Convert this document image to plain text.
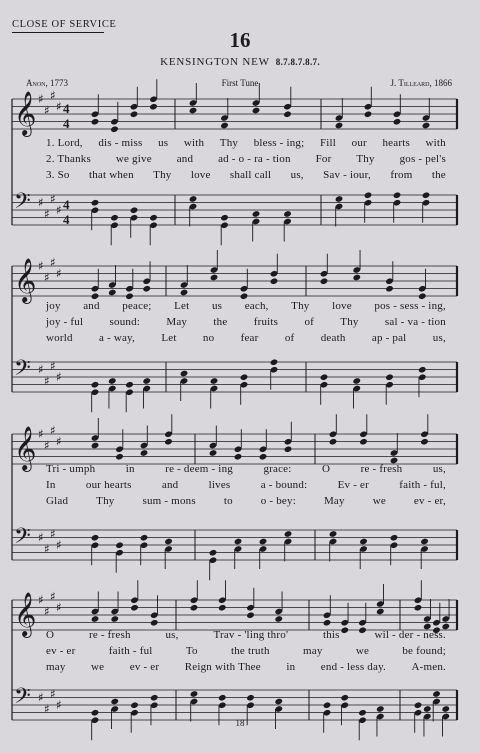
CLOSE OF SERVICE
16
KENSINGTON NEW 8.7.8.7.8.7.
Anon, 1773	First Tune	J. Tilleard, 1866
𝄞 ♯
♯
♯
♯ 4
4
𝄢 ♯
♯
♯
♯ 4
4
𝄞 ♯
♯
♯
♯
𝄢 ♯
♯
♯
♯
𝄞 ♯
♯
♯
♯
𝄢 ♯
♯
♯
♯
𝄞 ♯
♯
♯
♯
𝄢 ♯
♯
♯
♯
1. Lord, dis - miss us with Thy bless - ing; Fill our hearts with
2. Thanks we give and ad - o - ra - tion For Thy gos - pel's
3. So that when Thy love shall call us, Sav - iour, from the
joy and peace; Let us each, Thy love pos - sess - ing,
joy - ful sound: May the fruits of Thy sal - va - tion
world a - way, Let no fear of death ap - pal us,
Tri - umph	in	re - deem - ing	grace:	O	re - fresh	us,
In	our hearts	and	lives	a - bound:	Ev - er	faith - ful,
Glad	Thy	sum - mons	to	o - bey:	May	we	ev - er,
O	re - fresh	us,	Trav - 'ling thro'	this	wil - der - ness.
ev - er	faith - ful	To	the truth	may	we	be found;
may we ev - er Reign with Thee in end - less day. A-men.
18
